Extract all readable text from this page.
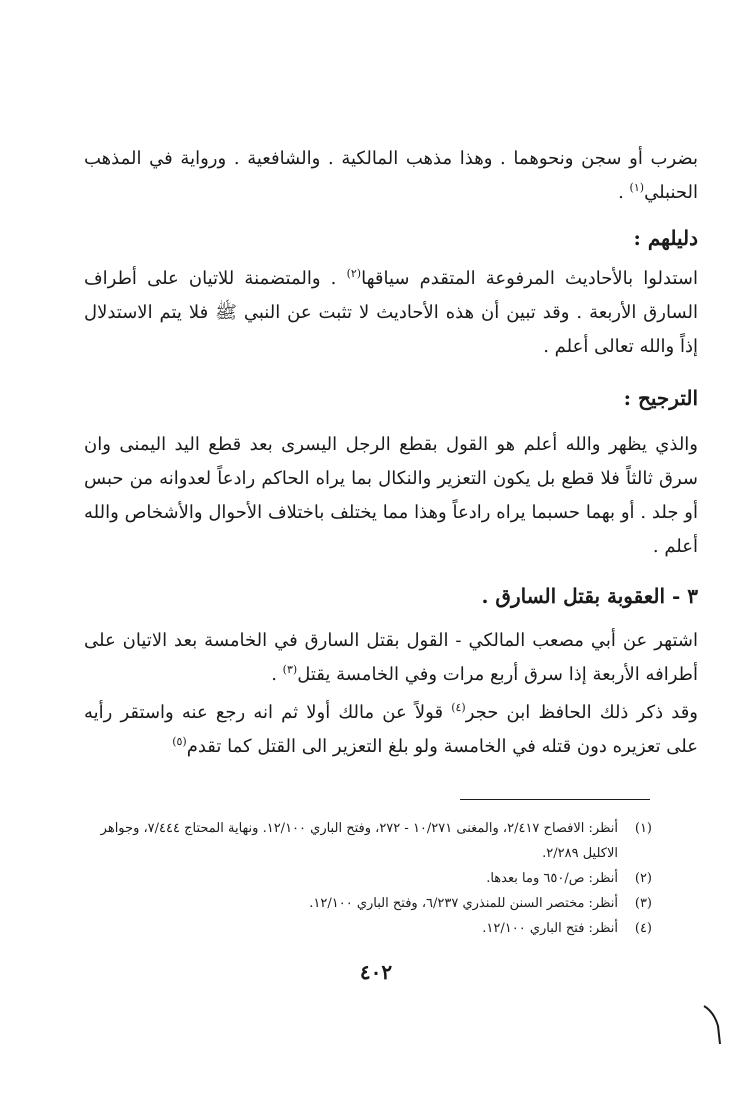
بضرب أو سجن ونحوهما . وهذا مذهب المالكية . والشافعية . ورواية في المذهب الحنبلي$^{(١)}$ .

دليلهم :

استدلوا بالأحاديث المرفوعة المتقدم سياقها$^{(٢)}$ . والمتضمنة للاتيان على أطراف السارق الأربعة . وقد تبين أن هذه الأحاديث لا تثبت عن النبي ﷺ فلا يتم الاستدلال إذاً والله تعالى أعلم .

الترجيح :

والذي يظهر والله أعلم هو القول بقطع الرجل اليسرى بعد قطع اليد اليمنى وان سرق ثالثاً فلا قطع بل يكون التعزير والنكال بما يراه الحاكم رادعاً لعدوانه من حبس أو جلد . أو بهما حسبما يراه رادعاً وهذا مما يختلف باختلاف الأحوال والأشخاص والله أعلم .

٣ - العقوبة بقتل السارق .

اشتهر عن أبي مصعب المالكي - القول بقتل السارق في الخامسة بعد الاتيان على أطرافه الأربعة إذا سرق أربع مرات وفي الخامسة يقتل$^{(٣)}$ .

وقد ذكر ذلك الحافظ ابن حجر$^{(٤)}$ قولاً عن مالك أولا ثم انه رجع عنه واستقر رأيه على تعزيره دون قتله في الخامسة ولو بلغ التعزير الى القتل كما تقدم$^{(٥)}$

(١)
أنظر: الافصاح ٢/٤١٧، والمغنى ١٠/٢٧١ - ٢٧٢، وفتح الباري ١٢/١٠٠. ونهاية المحتاج ٧/٤٤٤، وجواهر الاكليل ٢/٢٨٩.
(٢)
أنظر: ص/٦٥٠ وما بعدها.
(٣)
أنظر: مختصر السنن للمنذري ٦/٢٣٧، وفتح الباري ١٢/١٠٠.
(٤)
أنظر: فتح الباري ١٢/١٠٠.
٤٠٢
